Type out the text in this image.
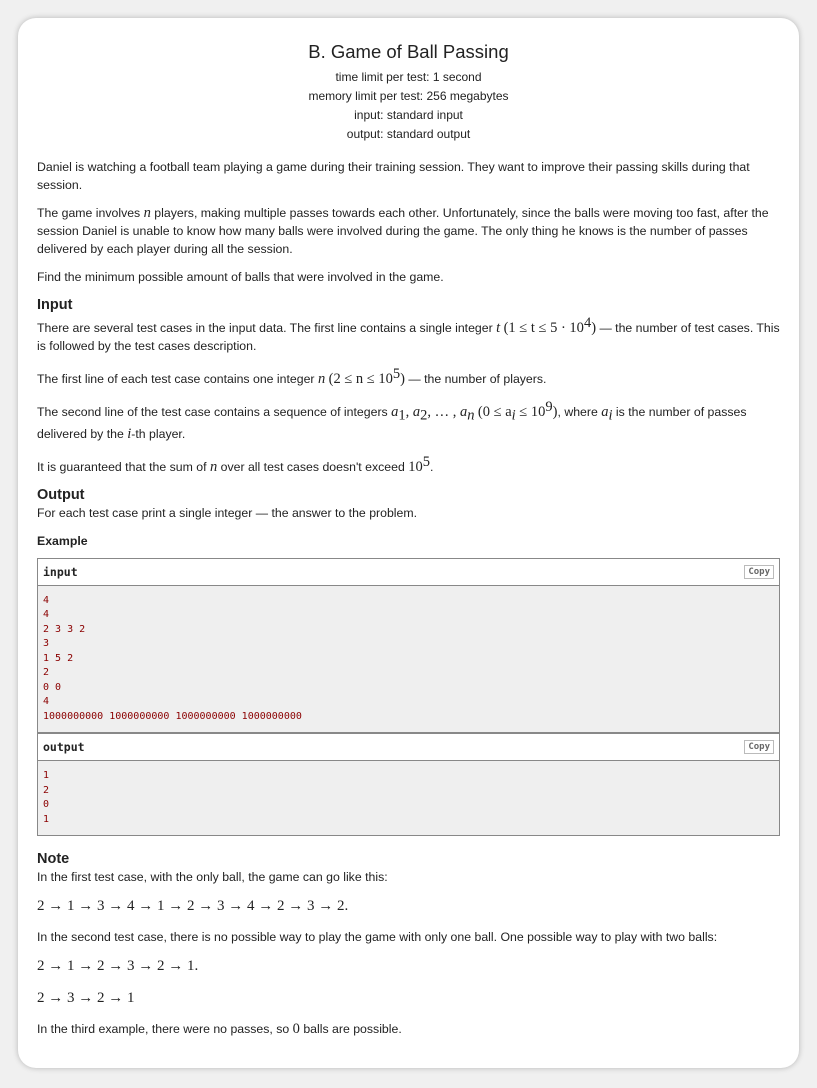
B. Game of Ball Passing
time limit per test: 1 second
memory limit per test: 256 megabytes
input: standard input
output: standard output

Daniel is watching a football team playing a game during their training session. They want to improve their passing skills during that session.

The game involves n players, making multiple passes towards each other. Unfortunately, since the balls were moving too fast, after the session Daniel is unable to know how many balls were involved during the game. The only thing he knows is the number of passes delivered by each player during all the session.

Find the minimum possible amount of balls that were involved in the game.

Input

There are several test cases in the input data. The first line contains a single integer t $(1 \le t \le 5 \cdot 10^4)$ — the number of test cases. This is followed by the test cases description.

The first line of each test case contains one integer n $(2 \le n \le 10^5)$ — the number of players.

The second line of the test case contains a sequence of integers $a_1$, $a_2$, … , $a_n$ $(0 \le a_i \le 10^9)$, where $a_i$ is the number of passes delivered by the i-th player.

It is guaranteed that the sum of n over all test cases doesn't exceed $10^5$.

Output

For each test case print a single integer — the answer to the problem.

Example
input	Copy
4
4
2 3 3 2
3
1 5 2
2
0 0
4
1000000000 1000000000 1000000000 1000000000
output	Copy
1
2
0
1
Note

In the first test case, with the only ball, the game can go like this:

2 → 1 → 3 → 4 → 1 → 2 → 3 → 4 → 2 → 3 → 2.

In the second test case, there is no possible way to play the game with only one ball. One possible way to play with two balls:

2 → 1 → 2 → 3 → 2 → 1.
2 → 3 → 2 → 1

In the third example, there were no passes, so 0 balls are possible.
